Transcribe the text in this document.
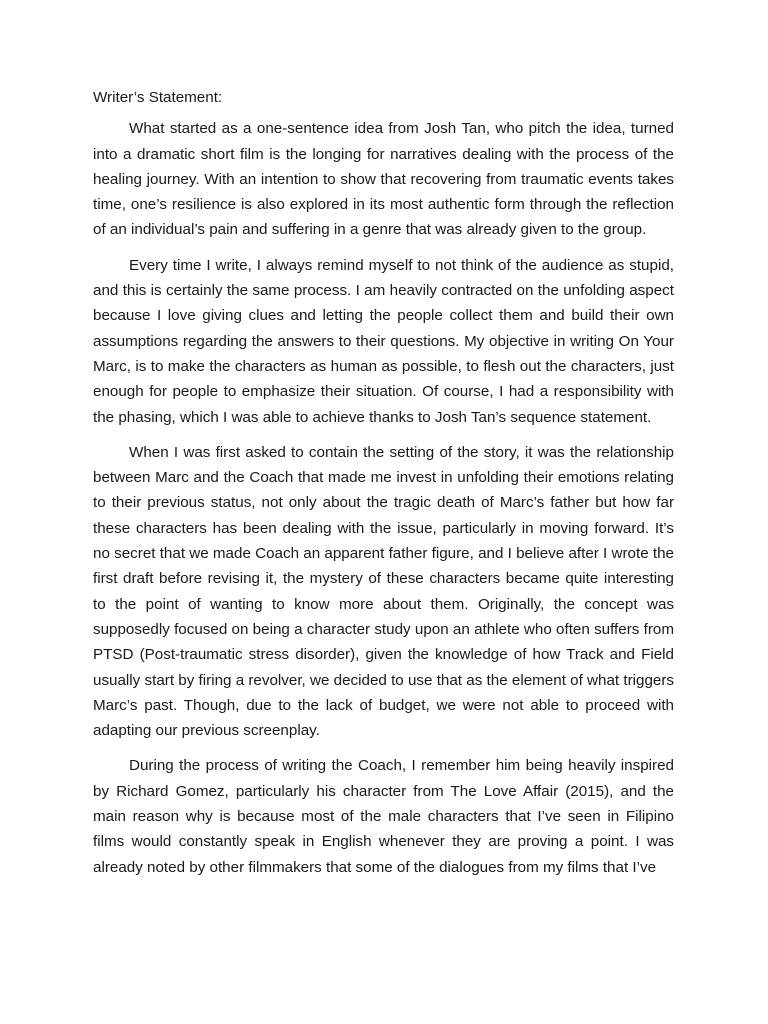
Writer’s Statement:

What started as a one-sentence idea from Josh Tan, who pitch the idea, turned into a dramatic short film is the longing for narratives dealing with the process of the healing journey. With an intention to show that recovering from traumatic events takes time, one’s resilience is also explored in its most authentic form through the reflection of an individual’s pain and suffering in a genre that was already given to the group.

Every time I write, I always remind myself to not think of the audience as stupid, and this is certainly the same process. I am heavily contracted on the unfolding aspect because I love giving clues and letting the people collect them and build their own assumptions regarding the answers to their questions. My objective in writing On Your Marc, is to make the characters as human as possible, to flesh out the characters, just enough for people to emphasize their situation. Of course, I had a responsibility with the phasing, which I was able to achieve thanks to Josh Tan’s sequence statement.

When I was first asked to contain the setting of the story, it was the relationship between Marc and the Coach that made me invest in unfolding their emotions relating to their previous status, not only about the tragic death of Marc’s father but how far these characters has been dealing with the issue, particularly in moving forward. It’s no secret that we made Coach an apparent father figure, and I believe after I wrote the first draft before revising it, the mystery of these characters became quite interesting to the point of wanting to know more about them. Originally, the concept was supposedly focused on being a character study upon an athlete who often suffers from PTSD (Post-traumatic stress disorder), given the knowledge of how Track and Field usually start by firing a revolver, we decided to use that as the element of what triggers Marc’s past. Though, due to the lack of budget, we were not able to proceed with adapting our previous screenplay.

During the process of writing the Coach, I remember him being heavily inspired by Richard Gomez, particularly his character from The Love Affair (2015), and the main reason why is because most of the male characters that I’ve seen in Filipino films would constantly speak in English whenever they are proving a point. I was already noted by other filmmakers that some of the dialogues from my films that I’ve
